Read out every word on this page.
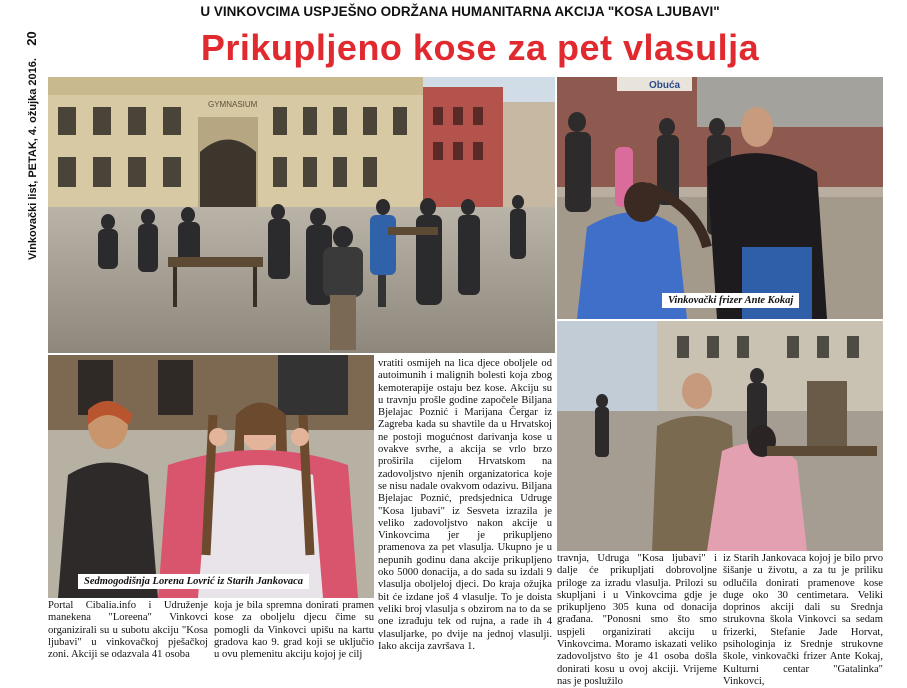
Vinkovački list, PETAK, 4. ožujka 2016.    20
U VINKOVCIMA USPJEŠNO ODRŽANA HUMANITARNA AKCIJA "KOSA LJUBAVI"
Prikupljeno kose za pet vlasulja
GYMNASIUM
Obuća
Vinkovački frizer Ante Kokaj
Sedmogodišnja Lorena Lovrić iz Starih Jankovaca
Portal Cibalia.info i Udruženje manekena "Loreena" Vinkovci organizirali su u subotu akciju "Kosa ljubavi" u vinkovačkoj pješačkoj zoni. Akciji se odazvala 41 osoba
koja je bila spremna donirati pramen kose za oboljelu djecu čime su pomogli da Vinkovci upišu na kartu gradova kao 9. grad koji se uključio u ovu plemenitu akciju kojoj je cilj
vratiti osmijeh na lica djece oboljele od autoimunih i malignih bolesti koja zbog kemoterapije ostaju bez kose. Akciju su u travnju prošle godine započele Biljana Bjelajac Poznić i Marijana Čergar iz Zagreba kada su shavtile da u Hrvatskoj ne postoji mogućnost darivanja kose u ovakve svrhe, a akcija se vrlo brzo proširila cijelom Hrvatskom na zadovoljstvo njenih organizatorica koje se nisu nadale ovakvom odazivu. Biljana Bjelajac Poznić, predsjednica Udruge "Kosa ljubavi" iz Sesveta izrazila je veliko zadovoljstvo nakon akcije u Vinkovcima jer je prikupljeno pramenova za pet vlasulja. Ukupno je u nepunih godinu dana akcije prikupljeno oko 5000 donacija, a do sada su izdali 9 vlasulja oboljeloj djeci. Do kraja ožujka bit će izdane još 4 vlasulje. To je doista veliki broj vlasulja s obzirom na to da se one izrađuju tek od rujna, a rade ih 4 vlasuljarke, po dvije na jednoj vlasulji. Iako akcija završava 1.
travnja, Udruga "Kosa ljubavi" i dalje će prikupljati dobrovoljne priloge za izradu vlasulja. Prilozi su skupljani i u Vinkovcima gdje je prikupljeno 305 kuna od donacija građana. "Ponosni smo što smo uspjeli organizirati akciju u Vinkovcima. Moramo iskazati veliko zadovoljstvo što je 41 osoba došla donirati kosu u ovoj akciji. Vrijeme nas je poslužilo
iz Starih Jankovaca kojoj je bilo prvo šišanje u životu, a za tu je priliku odlučila donirati pramenove kose duge oko 30 centimetara. Veliki doprinos akciji dali su Srednja strukovna škola Vinkovci sa sedam frizerki, Stefanie Jade Horvat, psihologinja iz Srednje strukovne škole, vinkovački frizer Ante Kokaj, Kulturni centar "Gatalinka" Vinkovci,
